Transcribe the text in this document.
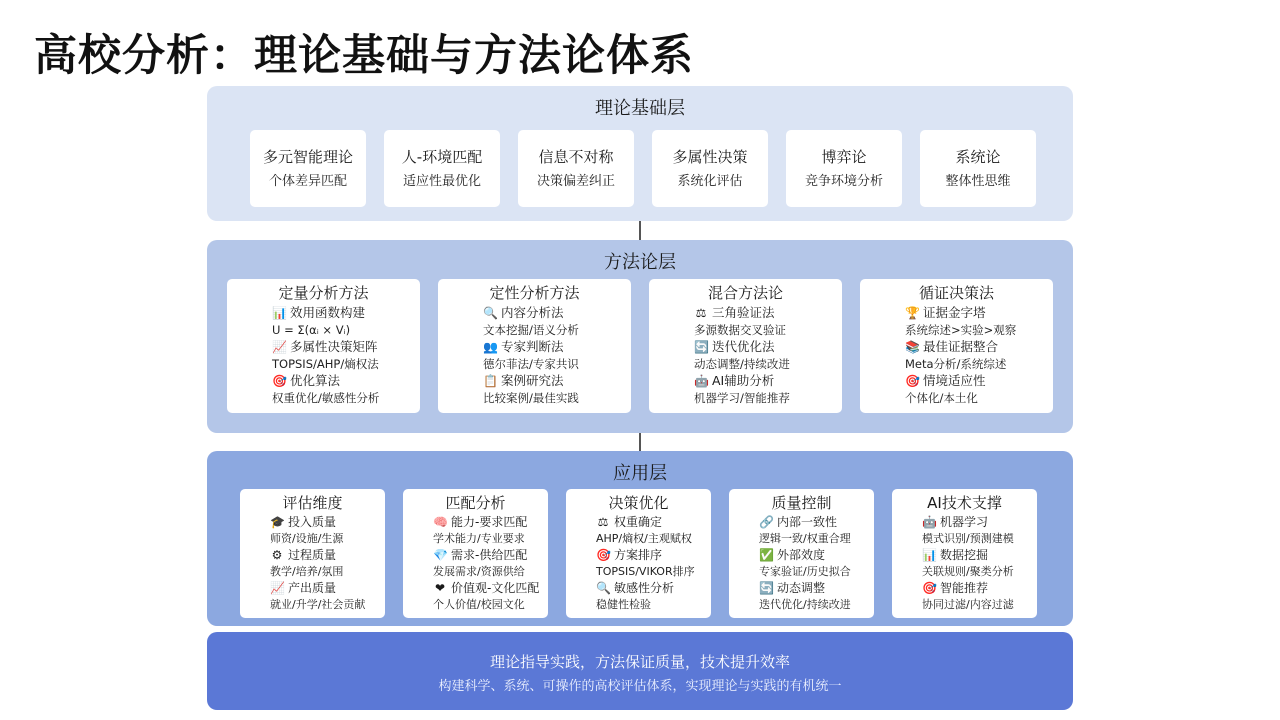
高校分析：理论基础与方法论体系
理论基础层
多元智能理论
个体差异匹配
人-环境匹配
适应性最优化
信息不对称
决策偏差纠正
多属性决策
系统化评估
博弈论
竞争环境分析
系统论
整体性思维
方法论层
定量分析方法
📊 效用函数构建
U = Σ(αᵢ × Vᵢ)
📈 多属性决策矩阵
TOPSIS/AHP/熵权法
🎯 优化算法
权重优化/敏感性分析
定性分析方法
🔍 内容分析法
文本挖掘/语义分析
👥 专家判断法
德尔菲法/专家共识
📋 案例研究法
比较案例/最佳实践
混合方法论
⚖ 三角验证法
多源数据交叉验证
🔄 迭代优化法
动态调整/持续改进
🤖 AI辅助分析
机器学习/智能推荐
循证决策法
🏆 证据金字塔
系统综述>实验>观察
📚 最佳证据整合
Meta分析/系统综述
🎯 情境适应性
个体化/本土化
应用层
评估维度
🎓 投入质量
师资/设施/生源
⚙ 过程质量
教学/培养/氛围
📈 产出质量
就业/升学/社会贡献
匹配分析
🧠 能力-要求匹配
学术能力/专业要求
💎 需求-供给匹配
发展需求/资源供给
❤ 价值观-文化匹配
个人价值/校园文化
决策优化
⚖ 权重确定
AHP/熵权/主观赋权
🎯 方案排序
TOPSIS/VIKOR排序
🔍 敏感性分析
稳健性检验
质量控制
🔗 内部一致性
逻辑一致/权重合理
✅ 外部效度
专家验证/历史拟合
🔄 动态调整
迭代优化/持续改进
AI技术支撑
🤖 机器学习
模式识别/预测建模
📊 数据挖掘
关联规则/聚类分析
🎯 智能推荐
协同过滤/内容过滤
理论指导实践，方法保证质量，技术提升效率
构建科学、系统、可操作的高校评估体系，实现理论与实践的有机统一
